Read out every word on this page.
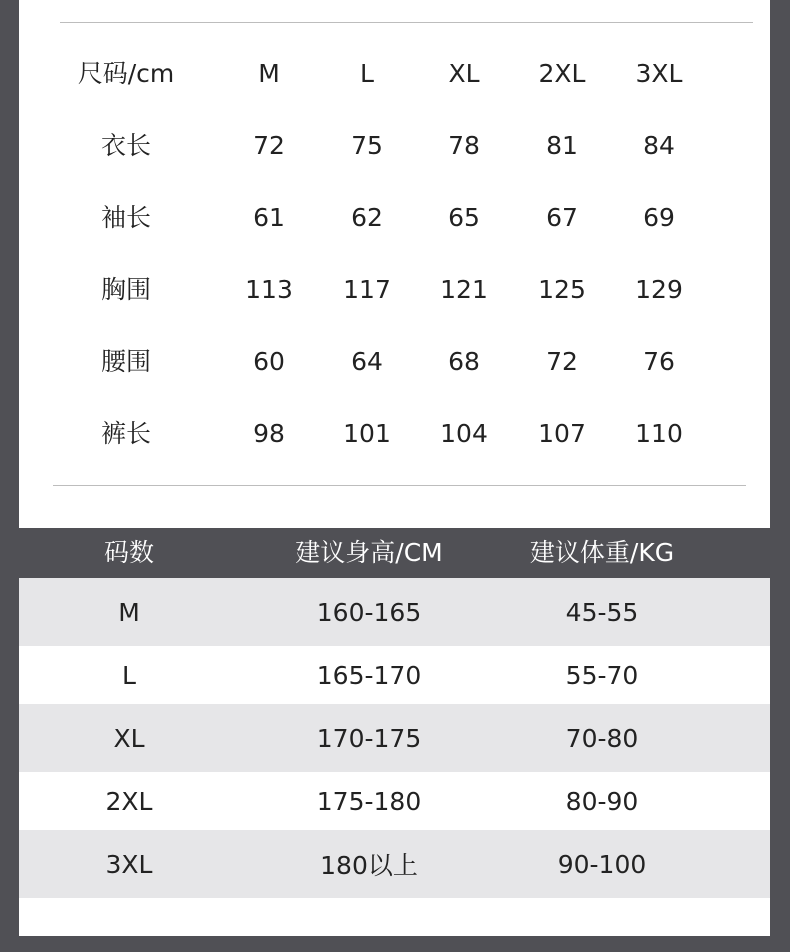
尺码/cm	M	L	XL 2XL 3XL
衣长	72	75	78	81	84
袖长	61	62	65	67	69
胸围	113 117 121 125 129
腰围	60	64	68	72	76
裤长	98 101 104 107 110
码数	建议身高/CM	建议体重/KG
M	160-165	45-55
L	165-170	55-70
XL	170-175	70-80
2XL	175-180	80-90
3XL	180以上	90-100
